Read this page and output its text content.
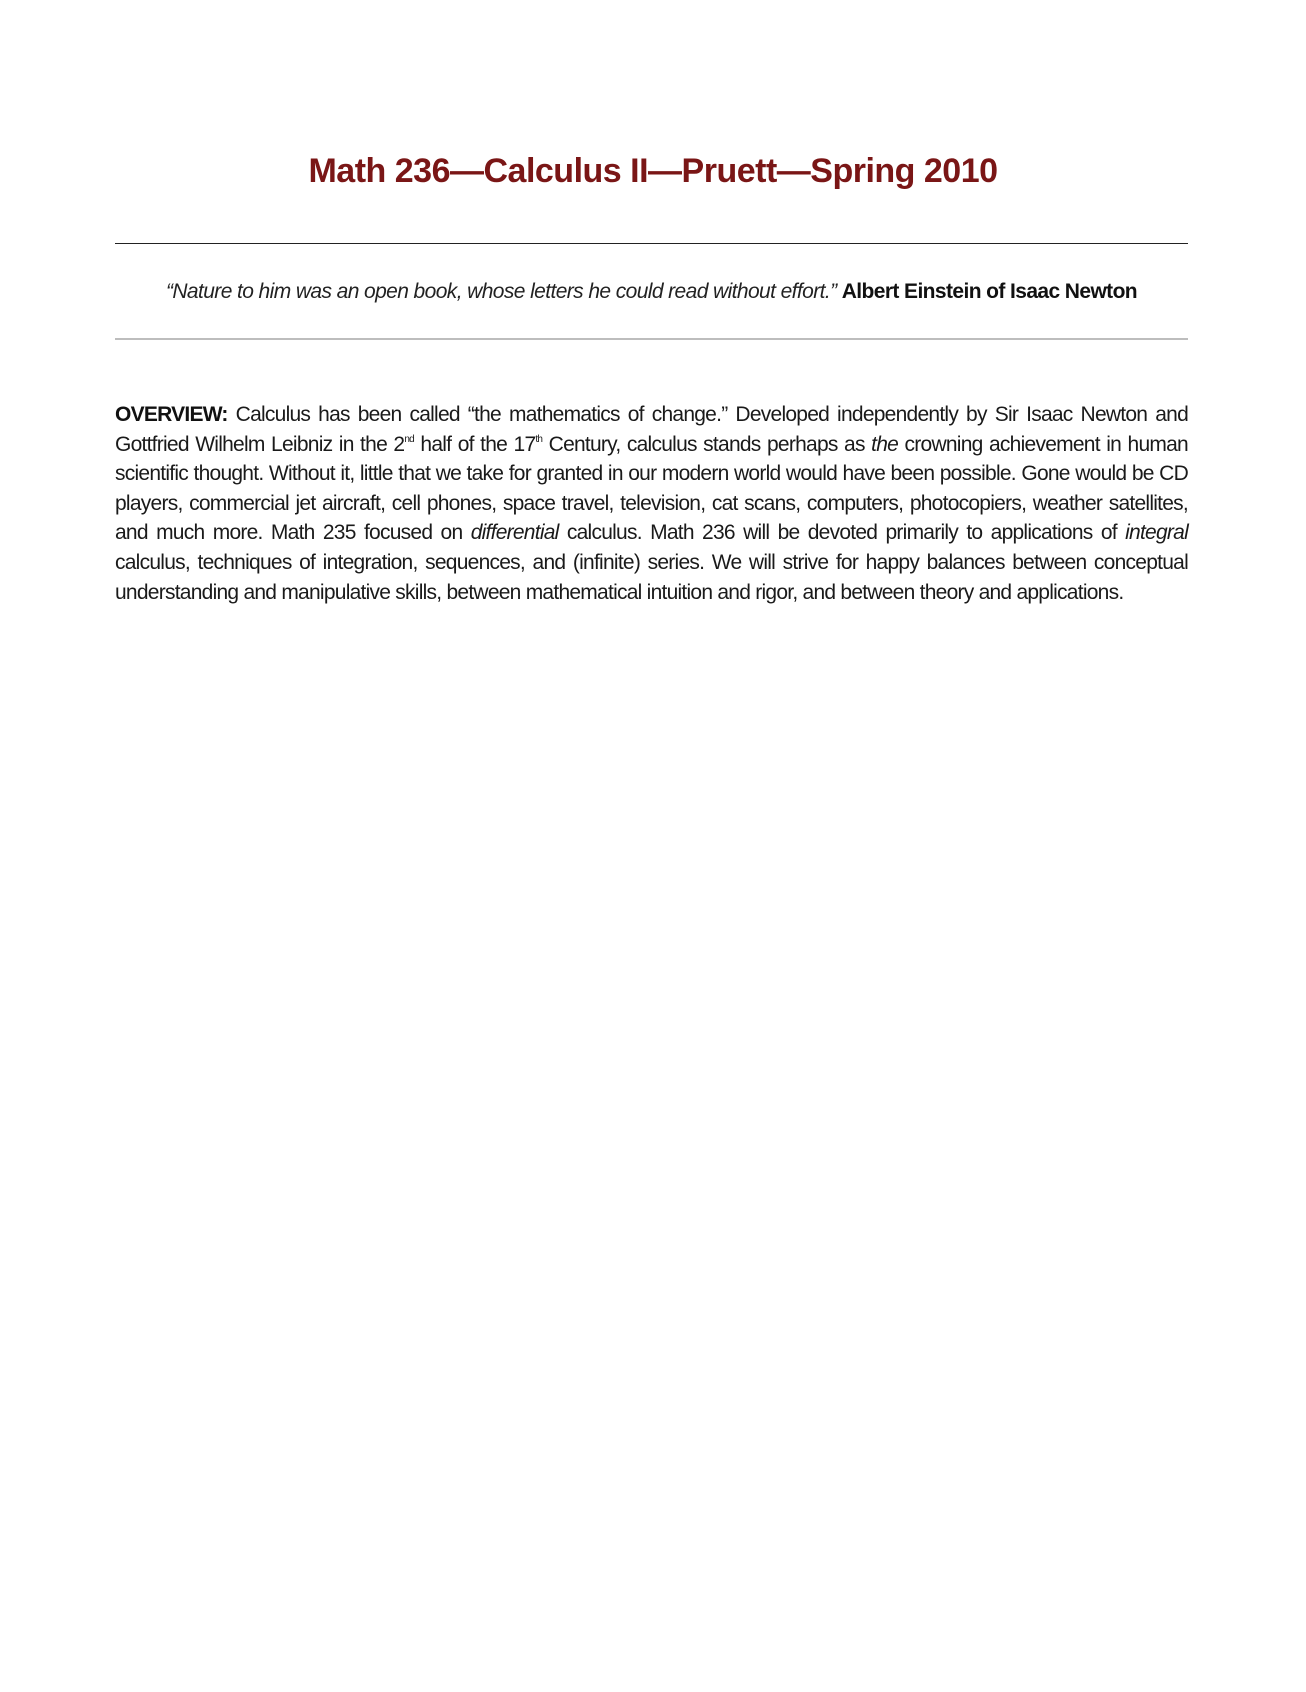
Math 236—Calculus II—Pruett—Spring 2010

“Nature to him was an open book, whose letters he could read without effort.” Albert Einstein of Isaac Newton

OVERVIEW: Calculus has been called “the mathematics of change.” Developed independently by Sir Isaac Newton and Gottfried Wilhelm Leibniz in the 2nd half of the 17th Century, calculus stands perhaps as the crowning achievement in human scientific thought. Without it, little that we take for granted in our modern world would have been possible. Gone would be CD players, commercial jet aircraft, cell phones, space travel, television, cat scans, computers, photocopiers, weather satellites, and much more. Math 235 focused on differential calculus. Math 236 will be devoted primarily to applications of integral calculus, techniques of integration, sequences, and (infinite) series. We will strive for happy balances between conceptual understanding and manipulative skills, between mathematical intuition and rigor, and between theory and applications.
